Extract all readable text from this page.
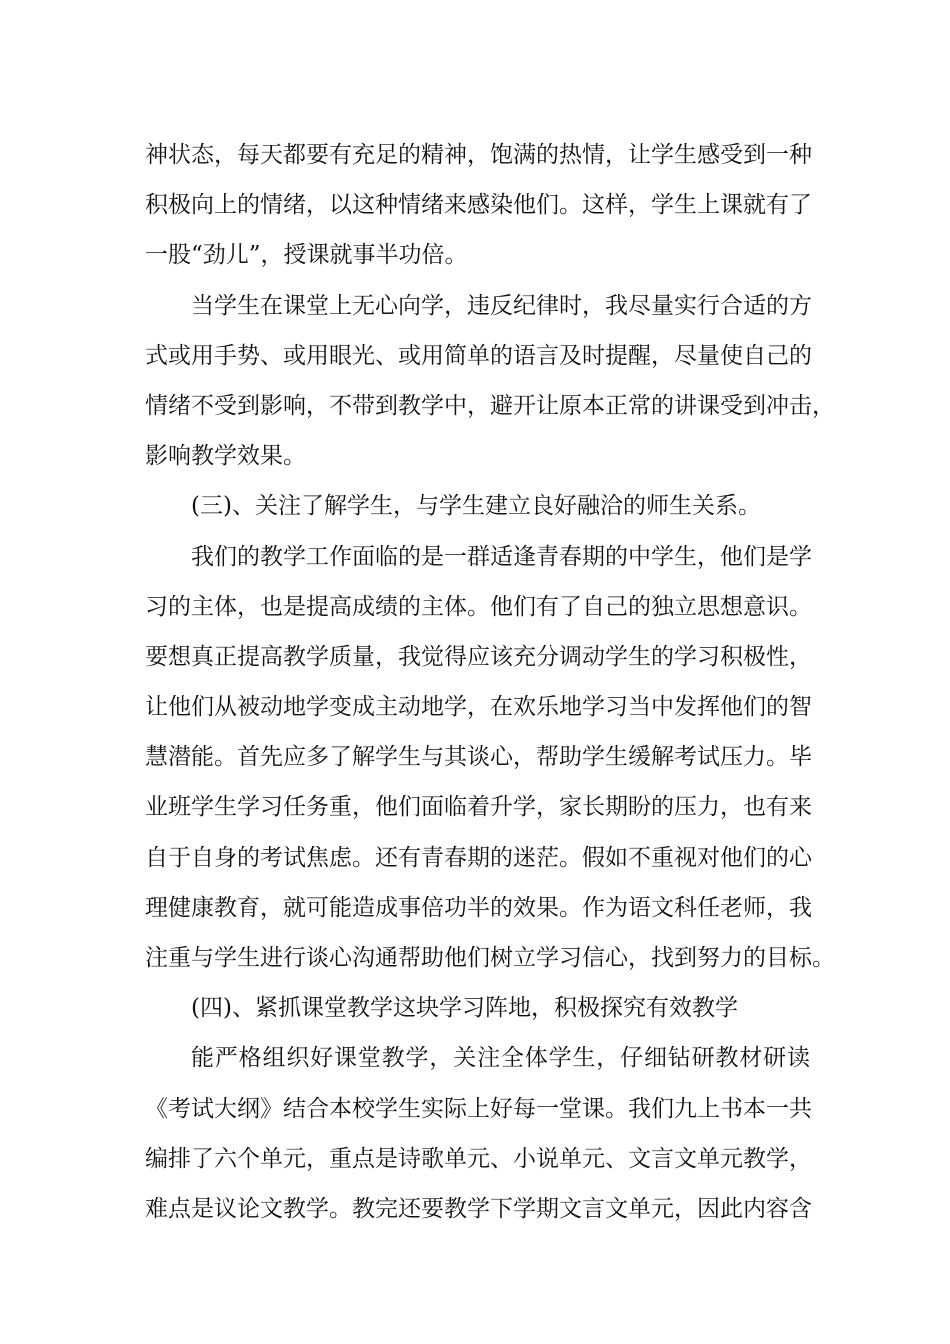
神状态，每天都要有充足的精神，饱满的热情，让学生感受到一种
积极向上的情绪，以这种情绪来感染他们。这样，学生上课就有了
一股“劲儿”，授课就事半功倍。
当学生在课堂上无心向学，违反纪律时，我尽量实行合适的方
式或用手势、或用眼光、或用简单的语言及时提醒，尽量使自己的
情绪不受到影响，不带到教学中，避开让原本正常的讲课受到冲击，
影响教学效果。
(三)、关注了解学生，与学生建立良好融洽的师生关系。
我们的教学工作面临的是一群适逢青春期的中学生，他们是学
习的主体，也是提高成绩的主体。他们有了自己的独立思想意识。
要想真正提高教学质量，我觉得应该充分调动学生的学习积极性，
让他们从被动地学变成主动地学，在欢乐地学习当中发挥他们的智
慧潜能。首先应多了解学生与其谈心，帮助学生缓解考试压力。毕
业班学生学习任务重，他们面临着升学，家长期盼的压力，也有来
自于自身的考试焦虑。还有青春期的迷茫。假如不重视对他们的心
理健康教育，就可能造成事倍功半的效果。作为语文科任老师，我
注重与学生进行谈心沟通帮助他们树立学习信心，找到努力的目标。
(四)、紧抓课堂教学这块学习阵地，积极探究有效教学
能严格组织好课堂教学，关注全体学生，仔细钻研教材研读
《考试大纲》结合本校学生实际上好每一堂课。我们九上书本一共
编排了六个单元，重点是诗歌单元、小说单元、文言文单元教学，
难点是议论文教学。教完还要教学下学期文言文单元，因此内容含
